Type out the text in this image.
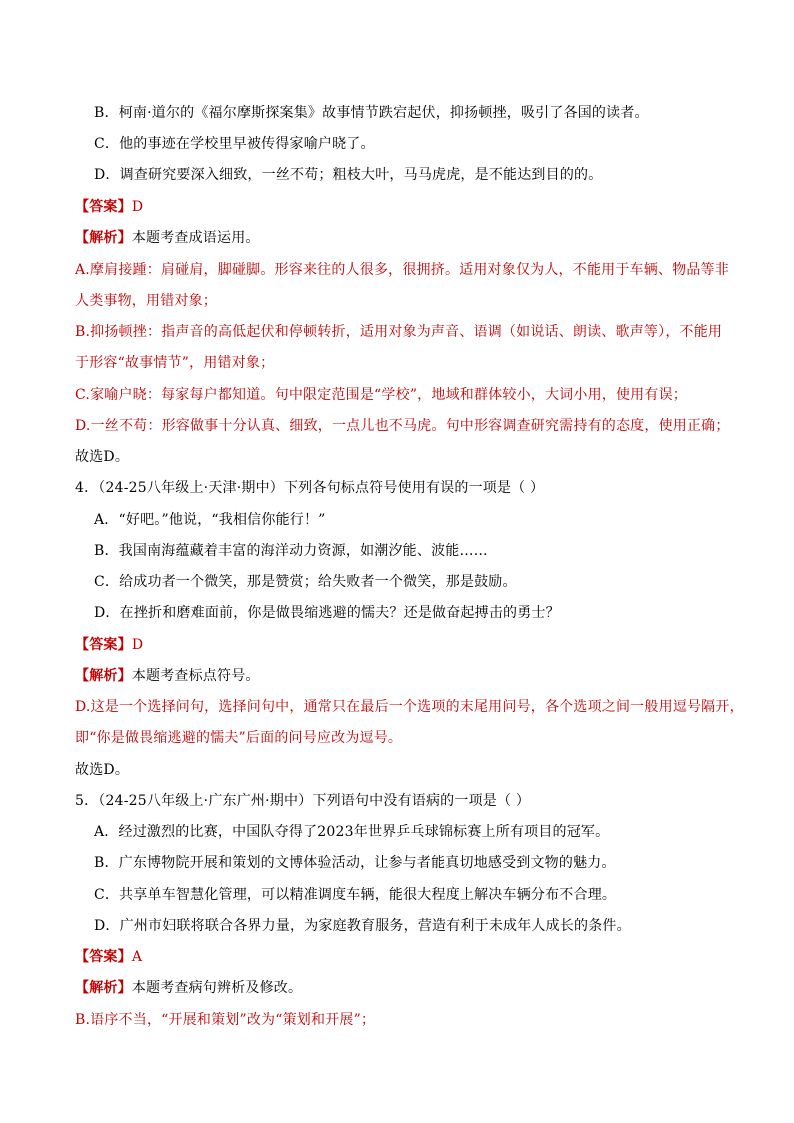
B．柯南·道尔的《福尔摩斯探案集》故事情节跌宕起伏，抑扬顿挫，吸引了各国的读者。
C．他的事迹在学校里早被传得家喻户晓了。
D．调查研究要深入细致，一丝不苟；粗枝大叶，马马虎虎，是不能达到目的的。
【答案】D
【解析】本题考查成语运用。
A.摩肩接踵：肩碰肩，脚碰脚。形容来往的人很多，很拥挤。适用对象仅为人，不能用于车辆、物品等非
人类事物，用错对象；
B.抑扬顿挫：指声音的高低起伏和停顿转折，适用对象为声音、语调（如说话、朗读、歌声等），不能用
于形容“故事情节”，用错对象；
C.家喻户晓：每家每户都知道。句中限定范围是“学校”，地域和群体较小，大词小用，使用有误；
D.一丝不苟：形容做事十分认真、细致，一点儿也不马虎。句中形容调查研究需持有的态度，使用正确；
故选D。
4．（24-25八年级上·天津·期中）下列各句标点符号使用有误的一项是（ ）
A．“好吧。”他说，“我相信你能行！”
B．我国南海蕴藏着丰富的海洋动力资源，如潮汐能、波能……
C．给成功者一个微笑，那是赞赏；给失败者一个微笑，那是鼓励。
D．在挫折和磨难面前，你是做畏缩逃避的懦夫？还是做奋起搏击的勇士？
【答案】D
【解析】本题考查标点符号。
D.这是一个选择问句，选择问句中，通常只在最后一个选项的末尾用问号，各个选项之间一般用逗号隔开，
即“你是做畏缩逃避的懦夫”后面的问号应改为逗号。
故选D。
5．（24-25八年级上·广东广州·期中）下列语句中没有语病的一项是（ ）
A．经过激烈的比赛，中国队夺得了2023年世界乒乓球锦标赛上所有项目的冠军。
B．广东博物院开展和策划的文博体验活动，让参与者能真切地感受到文物的魅力。
C．共享单车智慧化管理，可以精准调度车辆，能很大程度上解决车辆分布不合理。
D．广州市妇联将联合各界力量，为家庭教育服务，营造有利于未成年人成长的条件。
【答案】A
【解析】本题考查病句辨析及修改。
B.语序不当，“开展和策划”改为“策划和开展”；
